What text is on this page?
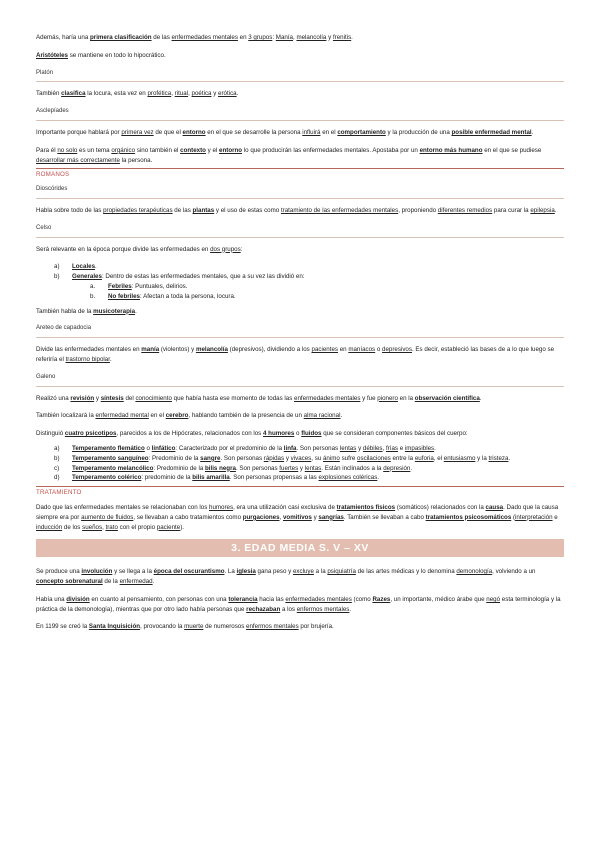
Además, haría una primera clasificación de las enfermedades mentales en 3 grupos: Manía, melancolía y frenitis.

Aristóteles se mantiene en todo lo hipocrático.

Platón

También clasifica la locura, esta vez en profética, ritual, poética y erótica.

Asclepíades

Importante porque hablará por primera vez de que el entorno en el que se desarrolle la persona influirá en el comportamiento y la producción de una posible enfermedad mental.

Para él no solo es un tema orgánico sino también el contexto y el entorno lo que producirán las enfermedades mentales. Apostaba por un entorno más humano en el que se pudiese desarrollar más correctamente la persona.

ROMANOS
Dioscórides

Habla sobre todo de las propiedades terapéuticas de las plantas y el uso de estas como tratamiento de las enfermedades mentales, proponiendo diferentes remedios para curar la epilepsia.

Celso

Será relevante en la época porque divide las enfermedades en dos grupos:

a) Locales.

b) Generales: Dentro de estas las enfermedades mentales, que a su vez las dividió en:

a. Febriles: Puntuales, delirios.

b. No febriles: Afectan a toda la persona, locura.

También habla de la musicoterapia.

Areteo de capadocia

Divide las enfermedades mentales en manía (violentos) y melancolía (depresivos), dividiendo a los pacientes en maníacos o depresivos. Es decir, estableció las bases de a lo que luego se referiría el trastorno bipolar.

Galeno

Realizó una revisión y síntesis del conocimiento que había hasta ese momento de todas las enfermedades mentales y fue pionero en la observación científica.

También localizará la enfermedad mental en el cerebro, hablando también de la presencia de un alma racional.

Distinguió cuatro psicotipos, parecidos a los de Hipócrates, relacionados con los 4 humores o fluidos que se consideran componentes básicos del cuerpo:

a) Temperamento flemático o linfático: Caracterizado por el predominio de la linfa. Son personas lentas y débiles, frías e impasibles.

b) Temperamento sanguíneo: Predominio de la sangre. Son personas rápidas y vivaces, su ánimo sufre oscilaciones entre la euforia, el entusiasmo y la tristeza.

c) Temperamento melancólico: Predominio de la bilis negra. Son personas fuertes y lentas. Están inclinados a la depresión.

d) Temperamento colérico: predominio de la bilis amarilla. Son personas propensas a las explosiones coléricas.

TRATAMIENTO

Dado que las enfermedades mentales se relacionaban con los humores, era una utilización casi exclusiva de tratamientos físicos (somáticos) relacionados con la causa. Dado que la causa siempre era por aumento de fluidos, se llevaban a cabo tratamientos como purgaciones, vomitivos y sangrías. También se llevaban a cabo tratamientos psicosomáticos (interpretación e inducción de los sueños, trato con el propio paciente).

3. EDAD MEDIA S. V – XV

Se produce una involución y se llega a la época del oscurantismo. La iglesia gana peso y excluye a la psiquiatría de las artes médicas y lo denomina demonología, volviendo a un concepto sobrenatural de la enfermedad.

Había una división en cuanto al pensamiento, con personas con una tolerancia hacia las enfermedades mentales (como Razes, un importante, médico árabe que negó esta terminología y la práctica de la demonología), mientras que por otro lado había personas que rechazaban a los enfermos mentales.

En 1199 se creó la Santa Inquisición, provocando la muerte de numerosos enfermos mentales por brujería.
